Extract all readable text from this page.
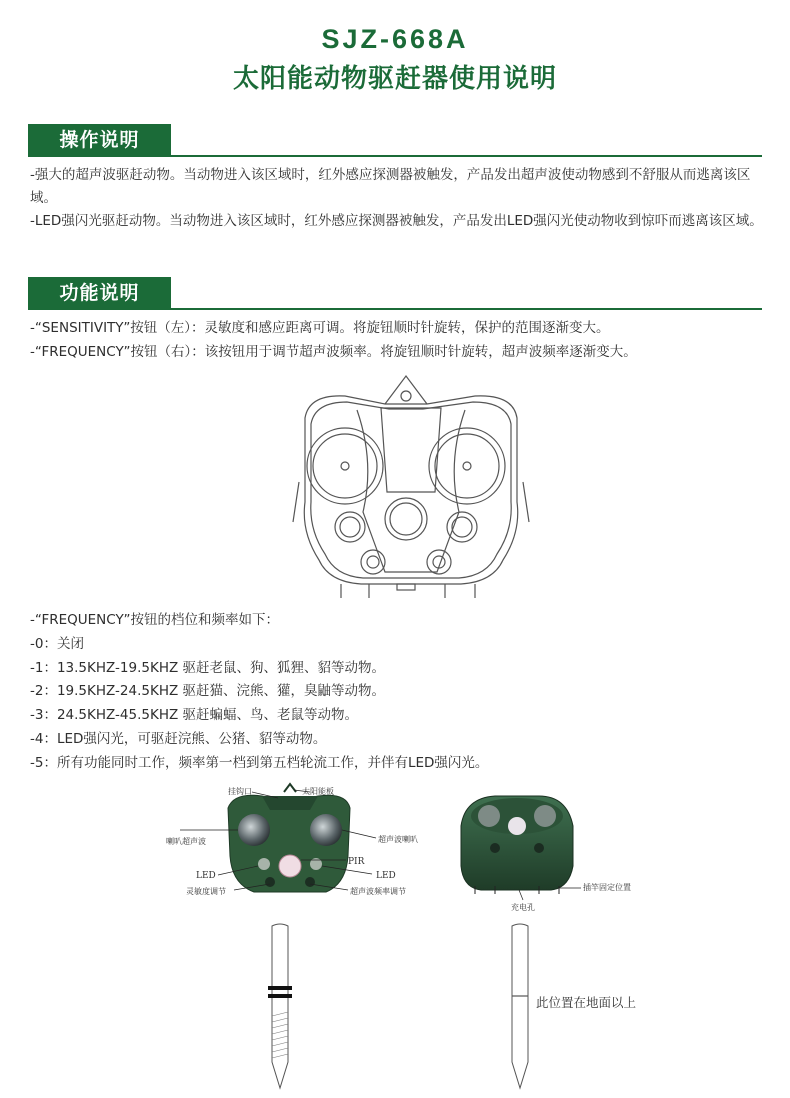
SJZ-668A
太阳能动物驱赶器使用说明
操作说明
-强大的超声波驱赶动物。当动物进入该区域时，红外感应探测器被触发，产品发出超声波使动物感到不舒服从而逃离该区域。
-LED强闪光驱赶动物。当动物进入该区域时，红外感应探测器被触发，产品发出LED强闪光使动物收到惊吓而逃离该区域。
功能说明
-“SENSITIVITY”按钮（左）：灵敏度和感应距离可调。将旋钮顺时针旋转，保护的范围逐渐变大。
-“FREQUENCY”按钮（右）：该按钮用于调节超声波频率。将旋钮顺时针旋转，超声波频率逐渐变大。
-“FREQUENCY”按钮的档位和频率如下：
-0：关闭
-1：13.5KHZ-19.5KHZ 驱赶老鼠、狗、狐狸、貂等动物。
-2：19.5KHZ-24.5KHZ 驱赶猫、浣熊、獾，臭鼬等动物。
-3：24.5KHZ-45.5KHZ 驱赶蝙蝠、鸟、老鼠等动物。
-4：LED强闪光，可驱赶浣熊、公猪、貂等动物。
-5：所有功能同时工作，频率第一档到第五档轮流工作，并伴有LED强闪光。
挂钩口	太阳能板
喇叭超声波	超声波喇叭
PIR
LED	LED
灵敏度调节	超声波频率调节	插竿固定位置
充电孔
此位置在地面以上
